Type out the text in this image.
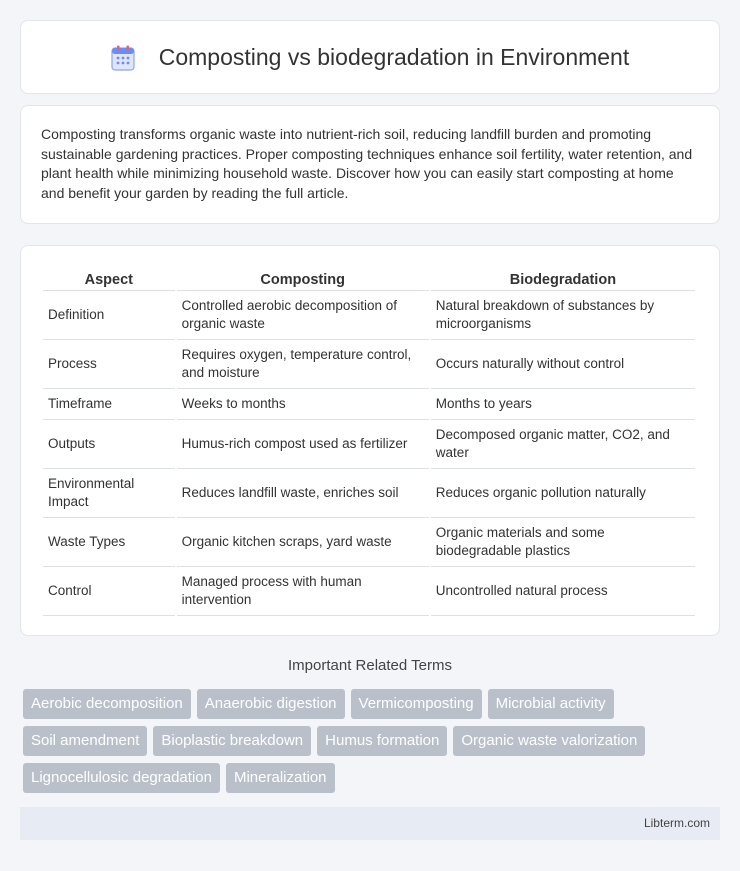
Composting vs biodegradation in Environment

Composting transforms organic waste into nutrient-rich soil, reducing landfill burden and promoting sustainable gardening practices. Proper composting techniques enhance soil fertility, water retention, and plant health while minimizing household waste. Discover how you can easily start composting at home and benefit your garden by reading the full article.

Aspect	Composting	Biodegradation
Definition	Controlled aerobic decomposition of organic waste	Natural breakdown of substances by microorganisms
Process	Requires oxygen, temperature control, and moisture	Occurs naturally without control
Timeframe	Weeks to months	Months to years
Outputs	Humus-rich compost used as fertilizer	Decomposed organic matter, CO2, and water
Environmental Impact	Reduces landfill waste, enriches soil	Reduces organic pollution naturally
Waste Types	Organic kitchen scraps, yard waste	Organic materials and some biodegradable plastics
Control	Managed process with human intervention	Uncontrolled natural process
Important Related Terms
Aerobic decomposition	Anaerobic digestion	Vermicomposting	Microbial activity
Soil amendment	Bioplastic breakdown	Humus formation	Organic waste valorization
Lignocellulosic degradation	Mineralization
Libterm.com
